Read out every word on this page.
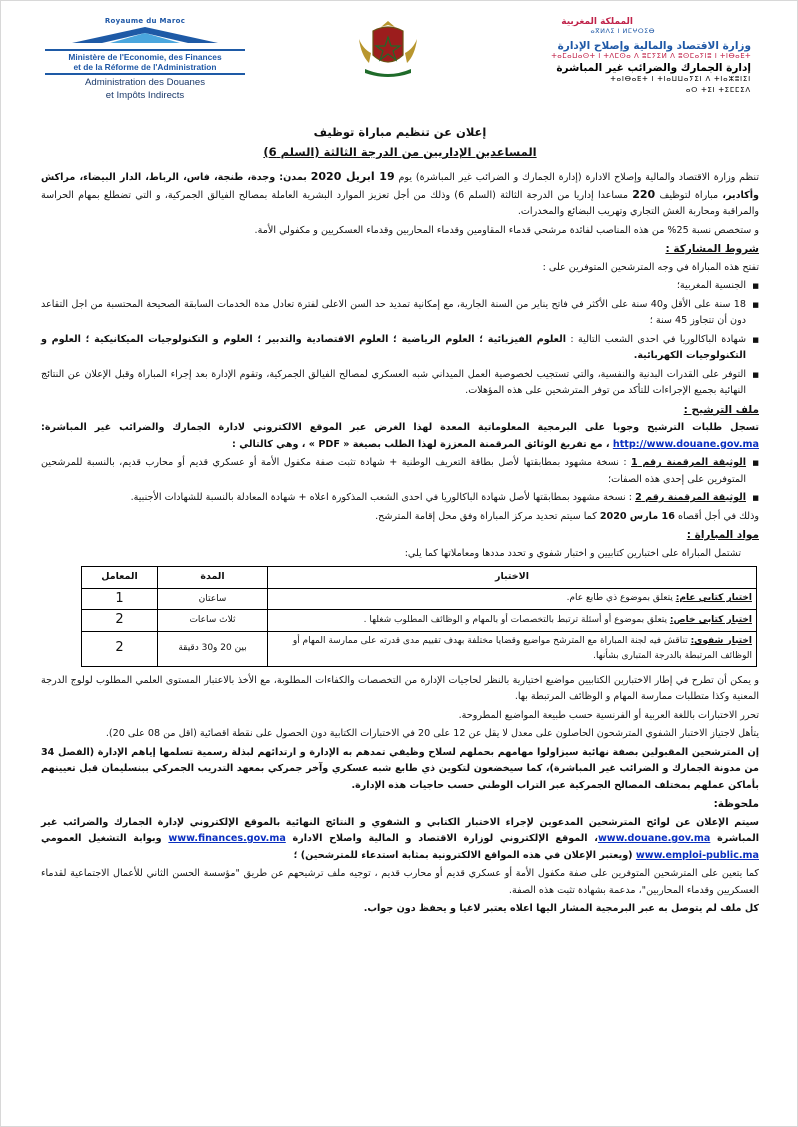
Royaume du Maroc
Ministère de l'Economie, des Finances
et de la Réforme de l'Administration
Administration des Douanes
et Impôts Indirects
المملكة المغربية
ⴰⴳⵍⴷⵉ ⵏ ⵍⵎⵖⵔⵉⴱ
وزارة الاقتصاد والمالية وإصلاح الإدارة
ⵜⴰⵎⴰⵡⴰⵙⵜ ⵏ ⵜⴷⵎⵙⴰ ⴷ ⵓⵎⵢⵉⵍ ⴷ ⵓⵙⵎⴰⵢⵏⵓ ⵏ ⵜⵏⴱⴰⴹⵜ
إدارة الجمارك والضرائب غير المباشرة
ⵜⴰⵏⴱⴰⴹⵜ ⵏ ⵜⵏⴰⵡⵡⴰⵢⵉⵏ ⴷ ⵜⵏⴰⵣⵓⵏⵉⵏ
ⴰⵔ ⵜⵉⵏ ⵜⵉⵎⵎⵉⴷ
إعلان عن تنظيم مباراة توظيف
المساعدين الإداريين من الدرجة الثالثة (السلم 6)
تنظم وزارة الاقتصاد والمالية وإصلاح الادارة (إدارة الجمارك و الضرائب غير المباشرة) يوم 19 ابريل 2020 بمدن: وجدة، طنجة، فاس، الرباط، الدار البيضاء، مراكش وأكادير، مباراة لتوظيف 220 مساعدا إداريا من الدرجة الثالثة (السلم 6) وذلك من أجل تعزيز الموارد البشرية العاملة بمصالح الفيالق الجمركية، و التي تضطلع بمهام الحراسة والمراقبة ومحاربة الغش التجاري وتهريب البضائع والمخدرات.
و ستخصص نسبة 25% من هذه المناصب لفائدة مرشحي قدماء المقاومين وقدماء المحاربين وقدماء العسكريين و مكفولي الأمة.
شروط المشاركة :
تفتح هذه المباراة في وجه المترشحين المتوفرين على :
■ الجنسية المغربية؛
■ 18 سنة على الأقل و40 سنة على الأكثر في فاتح يناير من السنة الجارية، مع إمكانية تمديد حد السن الاعلى لفترة تعادل مدة الخدمات السابقة الصحيحة المحتسبة من اجل التقاعد دون أن تتجاوز 45 سنة ؛
■ شهادة الباكالوريا في احدى الشعب التالية : العلوم الفيزيائية ؛ العلوم الرياضية ؛ العلوم الاقتصادية والتدبير ؛ العلوم و التكنولوجيات الميكانيكية ؛ العلوم و التكنولوجيات الكهربائية.
■ التوفر على القدرات البدنية والنفسية، والتي تستجيب لخصوصية العمل الميداني شبه العسكري لمصالح الفيالق الجمركية، وتقوم الإدارة بعد إجراء المباراة وقبل الإعلان عن النتائج النهائية بجميع الإجراءات للتأكد من توفر المترشحين على هذه المؤهلات.
ملف الترشيح :
تسجل طلبات الترشيح وجوبا على البرمجية المعلوماتية المعدة لهذا الغرض عبر الموقع الالكتروني لادارة الجمارك والضرائب غير المباشرة: http://www.douane.gov.ma ، مع تفريغ الوثائق المرقمنة المعززة لهذا الطلب بصيغة « PDF » ، وهي كالتالي :
■ الوثيقة المرقمنة رقم 1 : نسخة مشهود بمطابقتها لأصل بطاقة التعريف الوطنية + شهادة تثبت صفة مكفول الأمة أو عسكري قديم أو محارب قديم، بالنسبة للمرشحين المتوفرين على إحدى هذه الصفات؛
■ الوثيقة المرقمنة رقم 2 : نسخة مشهود بمطابقتها لأصل شهادة الباكالوريا في احدى الشعب المذكورة اعلاه + شهادة المعادلة بالنسبة للشهادات الأجنبية.
وذلك في أجل أقصاه 16 مارس 2020 كما سيتم تحديد مركز المباراة وفق محل إقامة المترشح.
مواد المباراة :
تشتمل المباراة على اختبارين كتابيين و اختبار شفوي و تحدد مددها ومعاملاتها كما يلي:
الاختبار	المدة	المعامل
اختبار كتابي عام: يتعلق بموضوع ذي طابع عام.	ساعتان	1
اختبار كتابي خاص: يتعلق بموضوع أو أسئلة ترتبط بالتخصصات أو بالمهام و الوظائف المطلوب شغلها .	ثلاث ساعات	2
اختبار شفوي: تناقش فيه لجنة المباراة مع المترشح مواضيع وقضايا مختلفة بهدف تقييم مدى قدرته على ممارسة المهام أو الوظائف المرتبطة بالدرجة المتبارى بشأنها.	بين 20 و30 دقيقة	2
و يمكن أن تطرح في إطار الاختبارين الكتابيين مواضيع اختيارية بالنظر لحاجيات الإدارة من التخصصات والكفاءات المطلوبة، مع الأخذ بالاعتبار المستوى العلمي المطلوب لولوج الدرجة المعنية وكذا متطلبات ممارسة المهام و الوظائف المرتبطة بها.
تحرر الاختبارات باللغة العربية أو الفرنسية حسب طبيعة المواضيع المطروحة.
يتأهل لاجتياز الاختبار الشفوي المترشحون الحاصلون على معدل لا يقل عن 12 على 20 في الاختبارات الكتابية دون الحصول على نقطة اقصائية (اقل من 08 على 20).
إن المترشحين المقبولين بصفة نهائية سيزاولوا مهامهم بحملهم لسلاح وظيفي تمدهم به الإدارة و ارتدائهم لبذلة رسمية تسلمها إياهم الإدارة (الفصل 34 من مدونة الجمارك و الضرائب غير المباشرة)، كما سيخضعون لتكوين ذي طابع شبه عسكري وآخر جمركي بمعهد التدريب الجمركي ببنسليمان قبل تعيينهم بأماكن عملهم بمختلف المصالح الجمركية عبر التراب الوطني حسب حاجيات هذه الإدارة.
ملحوظة:
سيتم الإعلان عن لوائح المترشحين المدعوين لإجراء الاختبار الكتابي و الشفوي و النتائج النهائية بالموقع الإلكتروني لإدارة الجمارك والضرائب غير المباشرة www.douane.gov.ma، الموقع الإلكتروني لوزارة الاقتصاد و المالية واصلاح الادارة www.finances.gov.ma وبوابة التشغيل العمومي www.emploi-public.ma (ويعتبر الإعلان في هذه المواقع الالكترونية بمثابة استدعاء للمترشحين) ؛
كما يتعين على المترشحين المتوفرين على صفة مكفول الأمة أو عسكري قديم أو محارب قديم ، توجيه ملف ترشيحهم عن طريق "مؤسسة الحسن الثاني للأعمال الاجتماعية لقدماء العسكريين وقدماء المحاربين"، مدعمة بشهادة تثبت هذه الصفة.
كل ملف لم يتوصل به عبر البرمجية المشار اليها اعلاه يعتبر لاغيا و يحفظ دون جواب.
